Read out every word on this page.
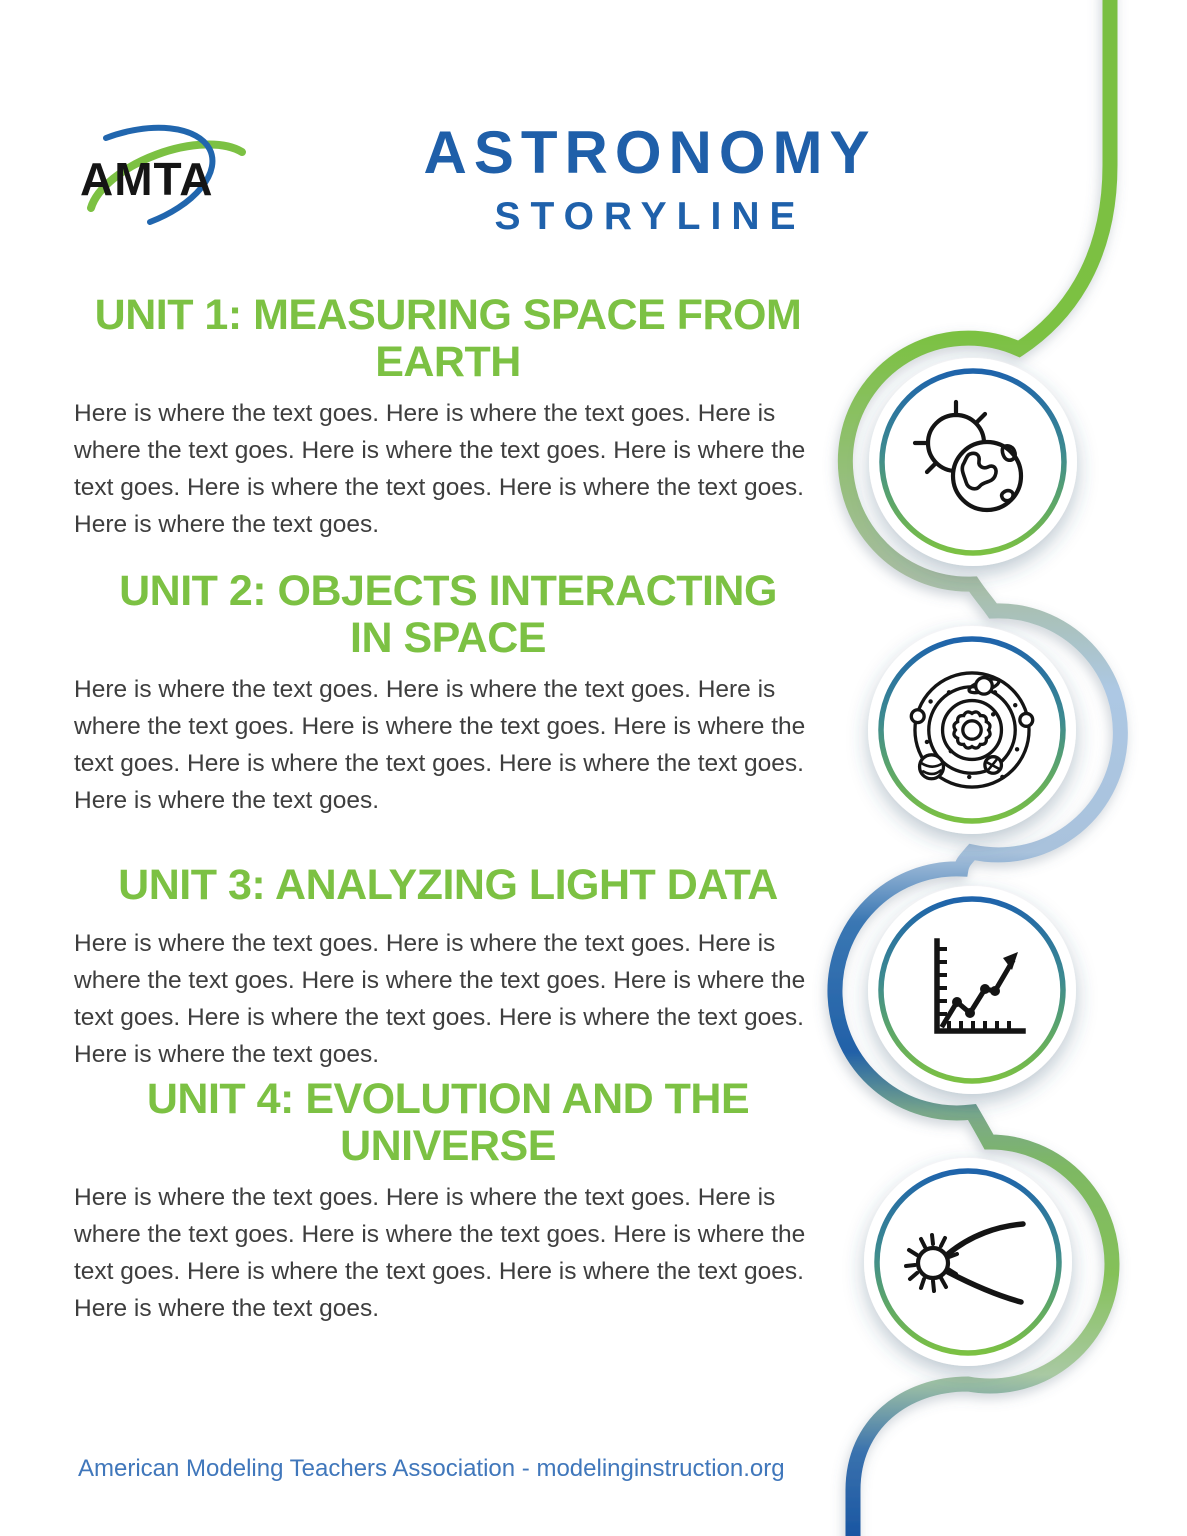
AMTA	ASTRONOMY
STORYLINE
UNIT 1: MEASURING SPACE FROM
EARTH

Here is where the text goes. Here is where the text goes. Here is where the text goes. Here is where the text goes. Here is where the text goes. Here is where the text goes. Here is where the text goes. Here is where the text goes.

UNIT 2: OBJECTS INTERACTING
IN SPACE

Here is where the text goes. Here is where the text goes. Here is where the text goes. Here is where the text goes. Here is where the text goes. Here is where the text goes. Here is where the text goes. Here is where the text goes.

UNIT 3: ANALYZING LIGHT DATA

Here is where the text goes. Here is where the text goes. Here is where the text goes. Here is where the text goes. Here is where the text goes. Here is where the text goes. Here is where the text goes. Here is where the text goes.

UNIT 4: EVOLUTION AND THE
UNIVERSE

Here is where the text goes. Here is where the text goes. Here is where the text goes. Here is where the text goes. Here is where the text goes. Here is where the text goes. Here is where the text goes. Here is where the text goes.

American Modeling Teachers Association - modelinginstruction.org
